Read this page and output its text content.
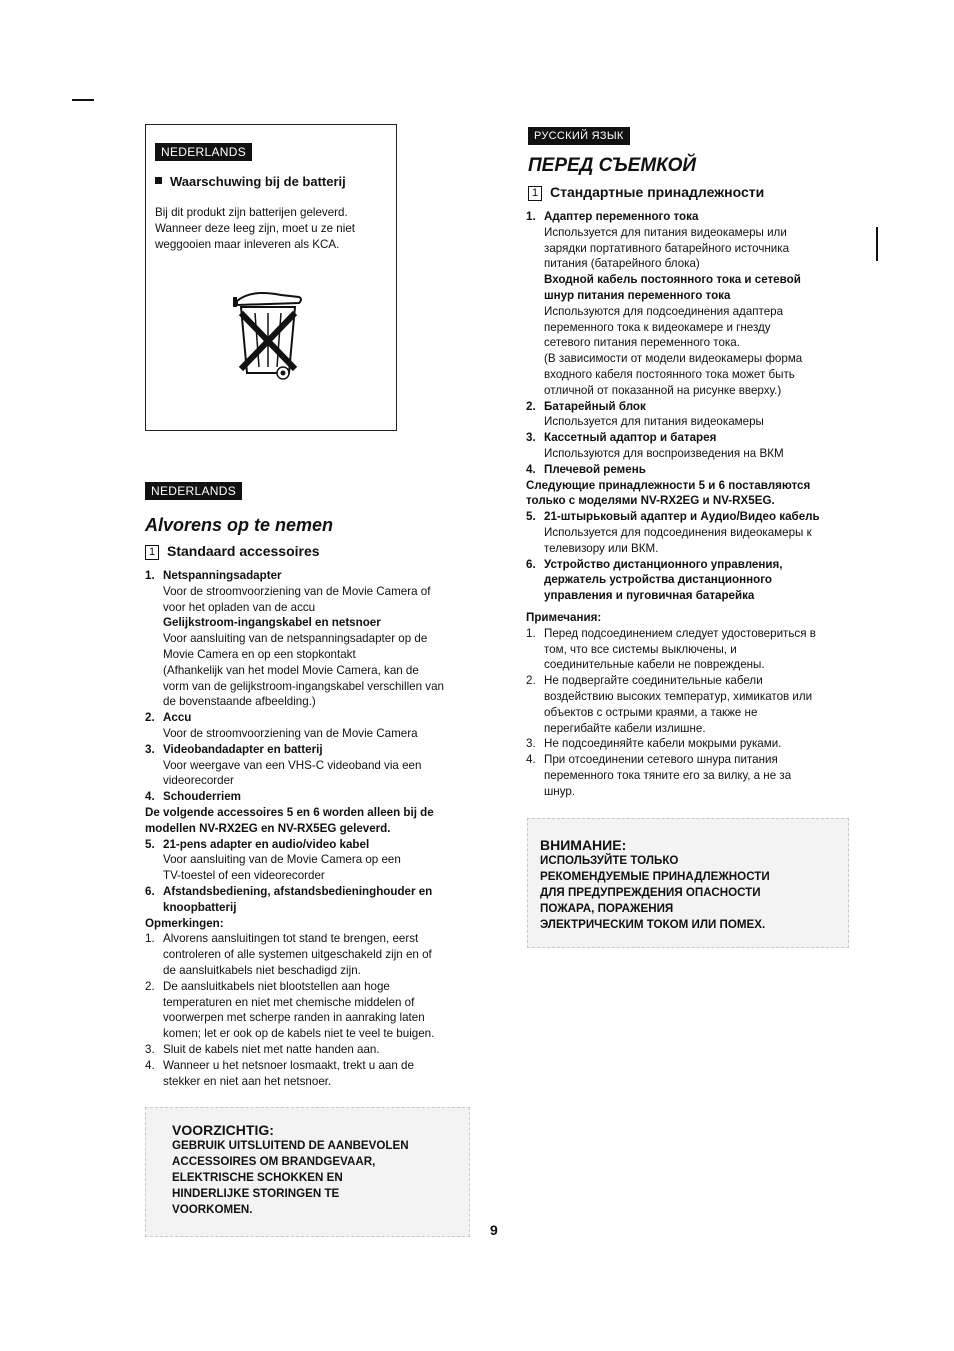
NEDERLANDS
Waarschuwing bij de batterij
Bij dit produkt zijn batterijen geleverd.
Wanneer deze leeg zijn, moet u ze niet
weggooien maar inleveren als KCA.
NEDERLANDS
Alvorens op te nemen
1 Standaard accessoires
1. Netspanningsadapter
Voor de stroomvoorziening van de Movie Camera of
voor het opladen van de accu
Gelijkstroom-ingangskabel en netsnoer
Voor aansluiting van de netspanningsadapter op de
Movie Camera en op een stopkontakt
(Afhankelijk van het model Movie Camera, kan de
vorm van de gelijkstroom-ingangskabel verschillen van
de bovenstaande afbeelding.)
2. Accu
Voor de stroomvoorziening van de Movie Camera
3. Videobandadapter en batterij
Voor weergave van een VHS-C videoband via een
videorecorder
4. Schouderriem
De volgende accessoires 5 en 6 worden alleen bij de
modellen NV-RX2EG en NV-RX5EG geleverd.
5. 21-pens adapter en audio/video kabel
Voor aansluiting van de Movie Camera op een
TV-toestel of een videorecorder
6. Afstandsbediening, afstandsbedieninghouder en
knoopbatterij
Opmerkingen:
1. Alvorens aansluitingen tot stand te brengen, eerst
controleren of alle systemen uitgeschakeld zijn en of
de aansluitkabels niet beschadigd zijn.
2. De aansluitkabels niet blootstellen aan hoge
temperaturen en niet met chemische middelen of
voorwerpen met scherpe randen in aanraking laten
komen; let er ook op de kabels niet te veel te buigen.
3. Sluit de kabels niet met natte handen aan.
4. Wanneer u het netsnoer losmaakt, trekt u aan de
stekker en niet aan het netsnoer.
VOORZICHTIG:
GEBRUIK UITSLUITEND DE AANBEVOLEN
ACCESSOIRES OM BRANDGEVAAR,
ELEKTRISCHE SCHOKKEN EN
HINDERLIJKE STORINGEN TE
VOORKOMEN.
9
РУССКИЙ ЯЗЫК
ПЕРЕД СЪЕМКОЙ
1 Стандартные принадлежности
1. Адаптер переменного тока
Используется для питания видеокамеры или
зарядки портативного батарейного источника
питания (батарейного блока)
Входной кабель постоянного тока и сетевой
шнур питания переменного тока
Используются для подсоединения адаптера
переменного тока к видеокамере и гнезду
сетевого питания переменного тока.
(В зависимости от модели видеокамеры форма
входного кабеля постоянного тока может быть
отличной от показанной на рисунке вверху.)
2. Батарейный блок
Используется для питания видеокамеры
3. Кассетный адаптор и батарея
Используются для воспроизведения на ВКМ
4. Плечевой ремень
Следующие принадлежности 5 и 6 поставляются
только с моделями NV-RX2EG и NV-RX5EG.
5. 21-штырьковый адаптер и Аудио/Видео кабель
Используется для подсоединения видеокамеры к
телевизору или ВКМ.
6. Устройство дистанционного управления,
держатель устройства дистанционного
управления и пуговичная батарейка
Примечания:
1. Перед подсоединением следует удостовериться в
том, что все системы выключены, и
соединительные кабели не повреждены.
2. Не подвергайте соединительные кабели
воздействию высоких температур, химикатов или
объектов с острыми краями, а также не
перегибайте кабели излишне.
3. Не подсоединяйте кабели мокрыми руками.
4. При отсоединении сетевого шнура питания
переменного тока тяните его за вилку, а не за
шнур.
ВНИМАНИЕ:
ИСПОЛЬЗУЙТЕ ТОЛЬКО
РЕКОМЕНДУЕМЫЕ ПРИНАДЛЕЖНОСТИ
ДЛЯ ПРЕДУПРЕЖДЕНИЯ ОПАСНОСТИ
ПОЖАРА, ПОРАЖЕНИЯ
ЭЛЕКТРИЧЕСКИМ ТОКОМ ИЛИ ПОМЕХ.
